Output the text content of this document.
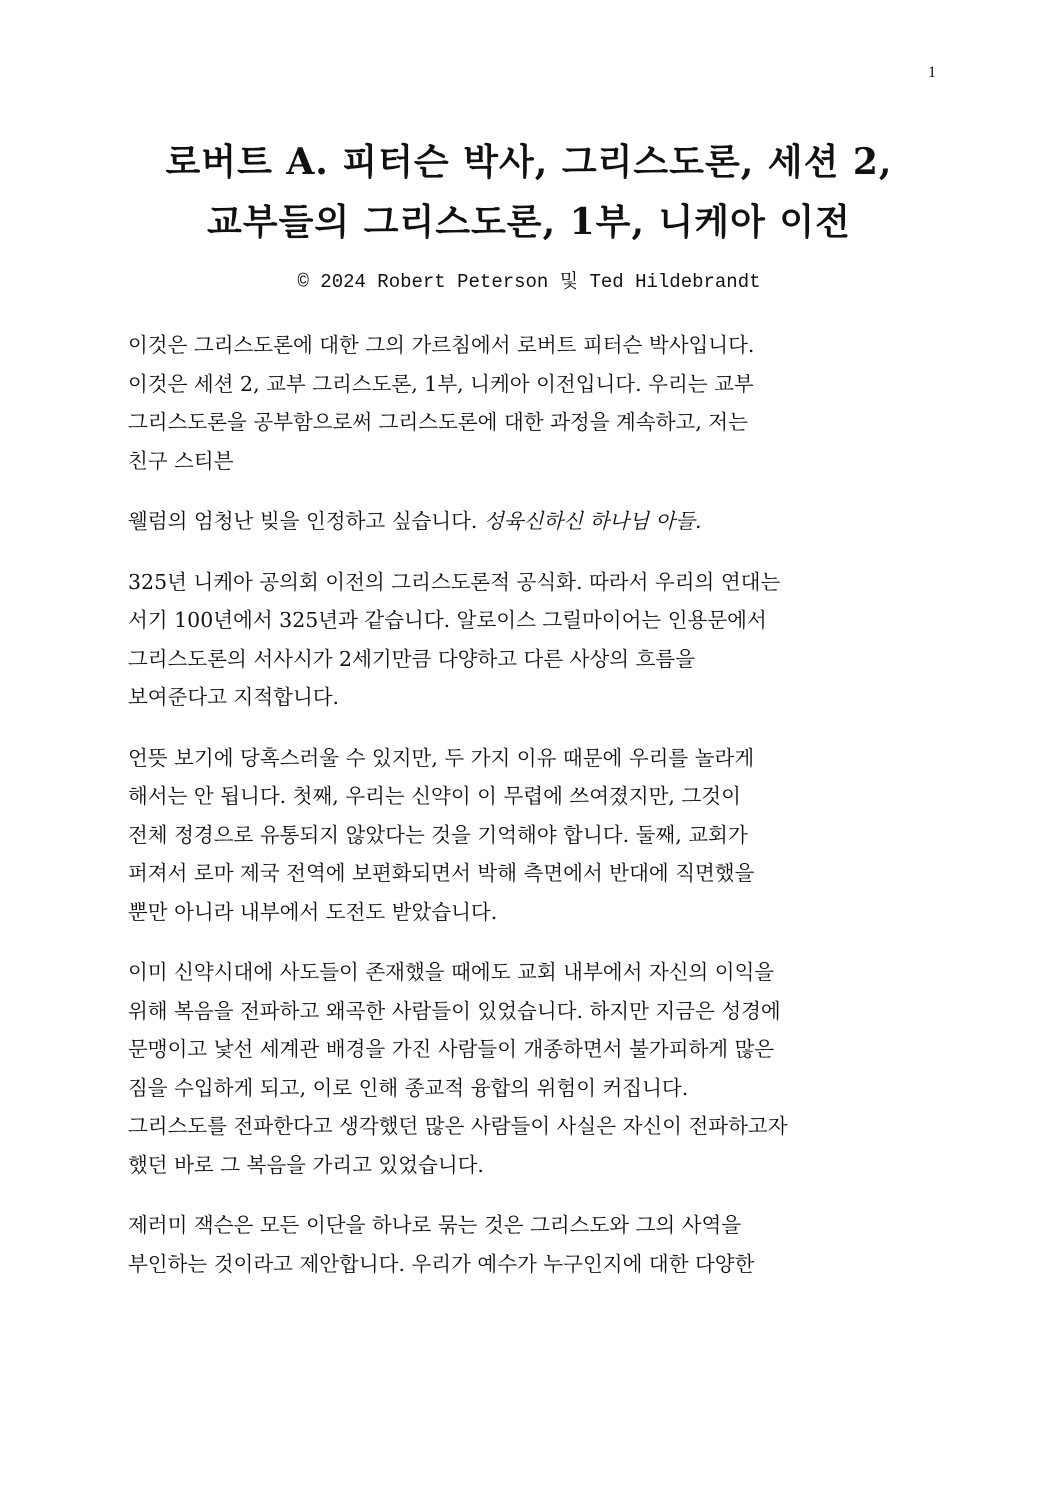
1
로버트 A. 피터슨 박사, 그리스도론, 세션 2,
교부들의 그리스도론, 1부, 니케아 이전
© 2024 Robert Peterson 및 Ted Hildebrandt

이것은 그리스도론에 대한 그의 가르침에서 로버트 피터슨 박사입니다.
이것은 세션 2, 교부 그리스도론, 1부, 니케아 이전입니다. 우리는 교부
그리스도론을 공부함으로써 그리스도론에 대한 과정을 계속하고, 저는
친구 스티븐

웰럼의 엄청난 빚을 인정하고 싶습니다. 성육신하신 하나님 아들.

325년 니케아 공의회 이전의 그리스도론적 공식화. 따라서 우리의 연대는
서기 100년에서 325년과 같습니다. 알로이스 그릴마이어는 인용문에서
그리스도론의 서사시가 2세기만큼 다양하고 다른 사상의 흐름을
보여준다고 지적합니다.

언뜻 보기에 당혹스러울 수 있지만, 두 가지 이유 때문에 우리를 놀라게
해서는 안 됩니다. 첫째, 우리는 신약이 이 무렵에 쓰여졌지만, 그것이
전체 정경으로 유통되지 않았다는 것을 기억해야 합니다. 둘째, 교회가
퍼져서 로마 제국 전역에 보편화되면서 박해 측면에서 반대에 직면했을
뿐만 아니라 내부에서 도전도 받았습니다.

이미 신약시대에 사도들이 존재했을 때에도 교회 내부에서 자신의 이익을
위해 복음을 전파하고 왜곡한 사람들이 있었습니다. 하지만 지금은 성경에
문맹이고 낯선 세계관 배경을 가진 사람들이 개종하면서 불가피하게 많은
짐을 수입하게 되고, 이로 인해 종교적 융합의 위험이 커집니다.
그리스도를 전파한다고 생각했던 많은 사람들이 사실은 자신이 전파하고자
했던 바로 그 복음을 가리고 있었습니다.

제러미 잭슨은 모든 이단을 하나로 묶는 것은 그리스도와 그의 사역을
부인하는 것이라고 제안합니다. 우리가 예수가 누구인지에 대한 다양한
